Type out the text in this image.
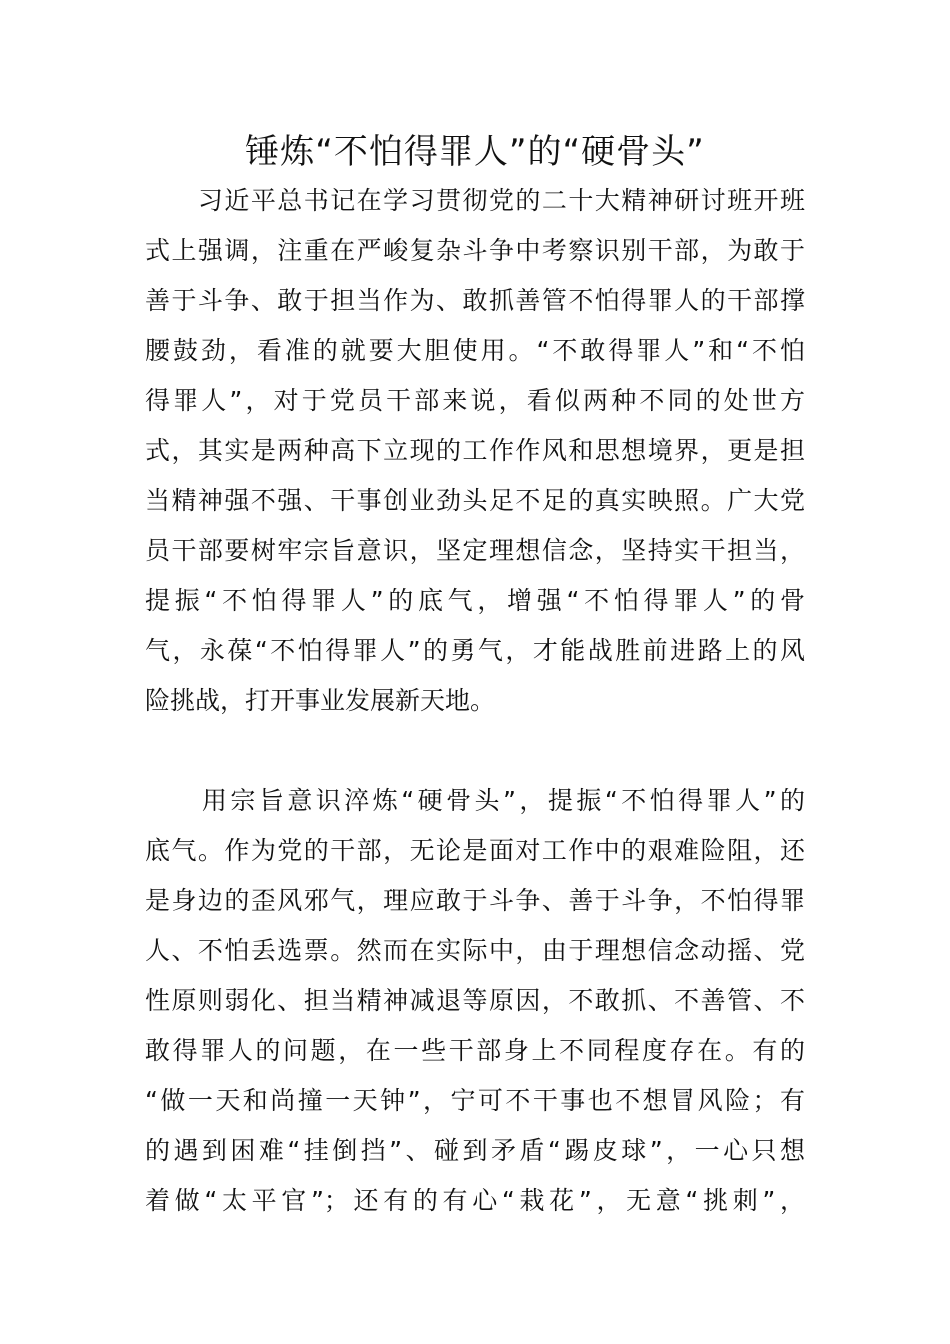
锤炼“不怕得罪人”的“硬骨头”
　　习近平总书记在学习贯彻党的二十大精神研讨班开班
式上强调，注重在严峻复杂斗争中考察识别干部，为敢于
善于斗争、敢于担当作为、敢抓善管不怕得罪人的干部撑
腰鼓劲，看准的就要大胆使用。“不敢得罪人”和“不怕
得罪人”，对于党员干部来说，看似两种不同的处世方
式，其实是两种高下立现的工作作风和思想境界，更是担
当精神强不强、干事创业劲头足不足的真实映照。广大党
员干部要树牢宗旨意识，坚定理想信念，坚持实干担当，
提振“不怕得罪人”的底气，增强“不怕得罪人”的骨
气，永葆“不怕得罪人”的勇气，才能战胜前进路上的风
险挑战，打开事业发展新天地。
　　用宗旨意识淬炼“硬骨头”，提振“不怕得罪人”的
底气。作为党的干部，无论是面对工作中的艰难险阻，还
是身边的歪风邪气，理应敢于斗争、善于斗争，不怕得罪
人、不怕丢选票。然而在实际中，由于理想信念动摇、党
性原则弱化、担当精神减退等原因，不敢抓、不善管、不
敢得罪人的问题，在一些干部身上不同程度存在。有的
“做一天和尚撞一天钟”，宁可不干事也不想冒风险；有
的遇到困难“挂倒挡”、碰到矛盾“踢皮球”，一心只想
着做“太平官”；还有的有心“栽花”，无意“挑刺”，
